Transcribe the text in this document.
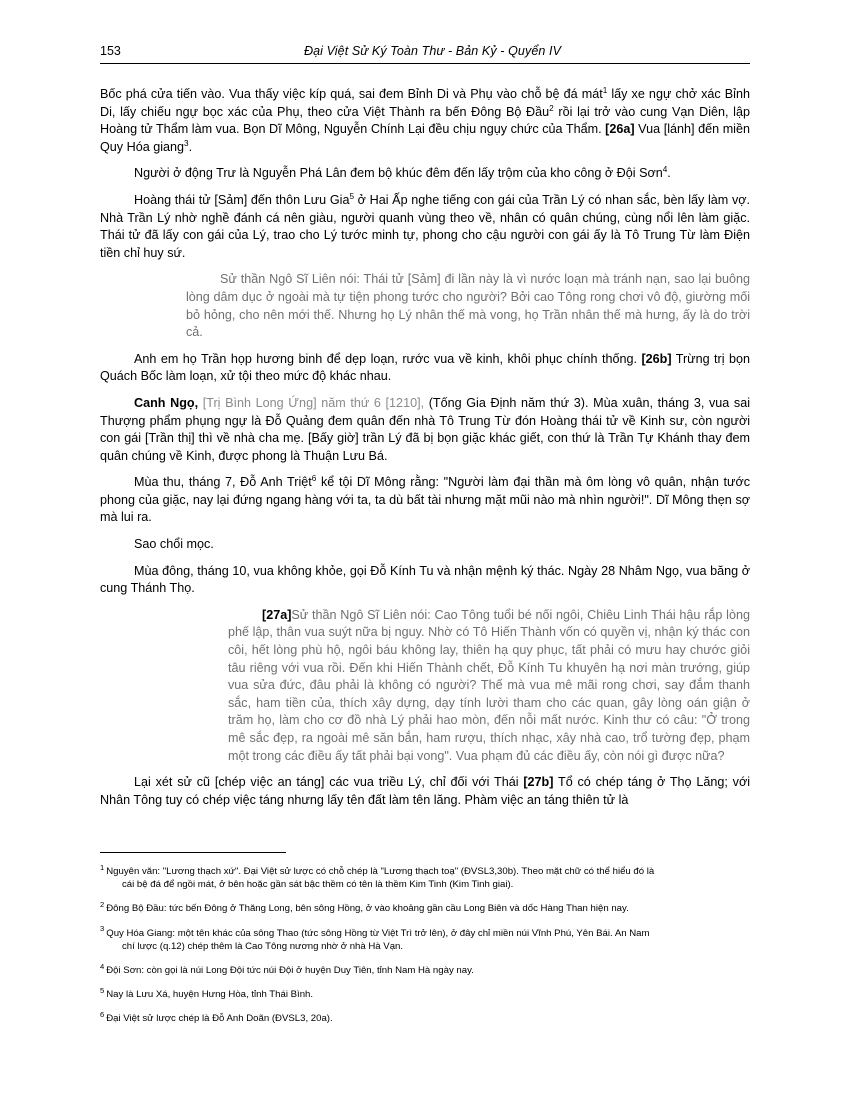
153	Đại Việt Sử Ký Toàn Thư - Bản Kỷ - Quyển IV

Bốc phá cửa tiến vào. Vua thấy việc kíp quá, sai đem Bỉnh Di và Phụ vào chỗ bệ đá mát$^1$ lấy xe ngự chở xác Bỉnh Di, lấy chiếu ngự bọc xác của Phụ, theo cửa Việt Thành ra bến Đông Bộ Đầu$^2$ rồi lại trở vào cung Vạn Diên, lập Hoàng tử Thẩm làm vua. Bọn Dĩ Mông, Nguyễn Chính Lại đều chịu ngụy chức của Thẩm. [26a] Vua [lánh] đến miền Quy Hóa giang$^3$.

Người ở động Trư là Nguyễn Phá Lân đem bộ khúc đêm đến lấy trộm của kho công ở Đội Sơn$^4$.

Hoàng thái tử [Sảm] đến thôn Lưu Gia$^5$ ở Hai Ấp nghe tiếng con gái của Trần Lý có nhan sắc, bèn lấy làm vợ. Nhà Trần Lý nhờ nghề đánh cá nên giàu, người quanh vùng theo về, nhân có quân chúng, cùng nổi lên làm giặc. Thái tử đã lấy con gái của Lý, trao cho Lý tước minh tự, phong cho cậu người con gái ấy là Tô Trung Từ làm Điện tiền chỉ huy sứ.

Sử thần Ngô Sĩ Liên nói: Thái tử [Sảm] đi lần này là vì nước loạn mà tránh nạn, sao lại buông lòng dâm dục ở ngoài mà tự tiện phong tước cho người? Bởi cao Tông rong chơi vô độ, giường mối bỏ hỏng, cho nên mới thế. Nhưng họ Lý nhân thế mà vong, họ Trần nhân thế mà hưng, ấy là do trời cả.

Anh em họ Trần họp hương binh để dẹp loạn, rước vua về kinh, khôi phục chính thống. [26b] Trừng trị bọn Quách Bốc làm loạn, xử tội theo mức độ khác nhau.

Canh Ngọ, [Trị Bình Long Ứng] năm thứ 6 [1210], (Tống Gia Định năm thứ 3). Mùa xuân, tháng 3, vua sai Thượng phẩm phụng ngự là Đỗ Quảng đem quân đến nhà Tô Trung Từ đón Hoàng thái tử về Kinh sư, còn người con gái [Trần thị] thì về nhà cha mẹ. [Bấy giờ] trần Lý đã bị bọn giặc khác giết, con thứ là Trần Tự Khánh thay đem quân chúng về Kinh, được phong là Thuận Lưu Bá.

Mùa thu, tháng 7, Đỗ Anh Triệt$^6$ kể tội Dĩ Mông rằng: "Người làm đại thần mà ôm lòng vô quân, nhận tước phong của giặc, nay lại đứng ngang hàng với ta, ta dù bất tài nhưng mặt mũi nào mà nhìn người!". Dĩ Mông thẹn sợ mà lui ra.

Sao chổi mọc.

Mùa đông, tháng 10, vua không khỏe, gọi Đỗ Kính Tu và nhận mệnh ký thác. Ngày 28 Nhâm Ngọ, vua băng ở cung Thánh Thọ.

[27a]Sử thần Ngô Sĩ Liên nói: Cao Tông tuổi bé nối ngôi, Chiêu Linh Thái hậu rắp lòng phế lập, thân vua suýt nữa bị nguy. Nhờ có Tô Hiến Thành vốn có quyền vị, nhận ký thác con côi, hết lòng phù hộ, ngôi báu không lay, thiên hạ quy phục, tất phải có mưu hay chước giỏi tâu riêng với vua rồi. Đến khi Hiến Thành chết, Đỗ Kính Tu khuyên hạ nơi màn trướng, giúp vua sửa đức, đâu phải là không có người? Thế mà vua mê mãi rong chơi, say đắm thanh sắc, ham tiền của, thích xây dựng, dạy tính lười tham cho các quan, gây lòng oán giận ở trăm họ, làm cho cơ đồ nhà Lý phải hao mòn, đến nỗi mất nước. Kinh thư có câu: "Ở trong mê sắc đẹp, ra ngoài mê săn bắn, ham rượu, thích nhạc, xây nhà cao, trổ tường đẹp, phạm một trong các điều ấy tất phải bại vong". Vua phạm đủ các điều ấy, còn nói gì được nữa?

Lại xét sử cũ [chép việc an táng] các vua triều Lý, chỉ đối với Thái [27b] Tổ có chép táng ở Thọ Lăng; với Nhân Tông tuy có chép việc táng nhưng lấy tên đất làm tên lăng. Phàm việc an táng thiên tử là

$^1$ Nguyên văn: "Lương thạch xứ". Đại Việt sử lược có chỗ chép là "Lương thạch toạ" (ĐVSL3,30b). Theo mặt chữ có thể hiểu đó là
cái bệ đá để ngồi mát, ở bên hoặc gần sát bậc thềm có tên là thềm Kim Tinh (Kim Tinh giai).
$^2$ Đông Bộ Đầu: tức bến Đông ở Thăng Long, bên sông Hồng, ở vào khoảng gần cầu Long Biên và dốc Hàng Than hiện nay.
$^3$ Quy Hóa Giang: một tên khác của sông Thao (tức sông Hồng từ Việt Trì trở lên), ở đây chỉ miền núi Vĩnh Phú, Yên Bái. An Nam
chí lược (q.12) chép thêm là Cao Tông nương nhờ ở nhà Hà Vạn.
$^4$ Đội Sơn: còn gọi là núi Long Đội tức núi Đội ở huyện Duy Tiên, tỉnh Nam Hà ngày nay.
$^5$ Nay là Lưu Xá, huyện Hưng Hòa, tỉnh Thái Bình.
$^6$ Đại Việt sử lược chép là Đỗ Anh Doãn (ĐVSL3, 20a).
